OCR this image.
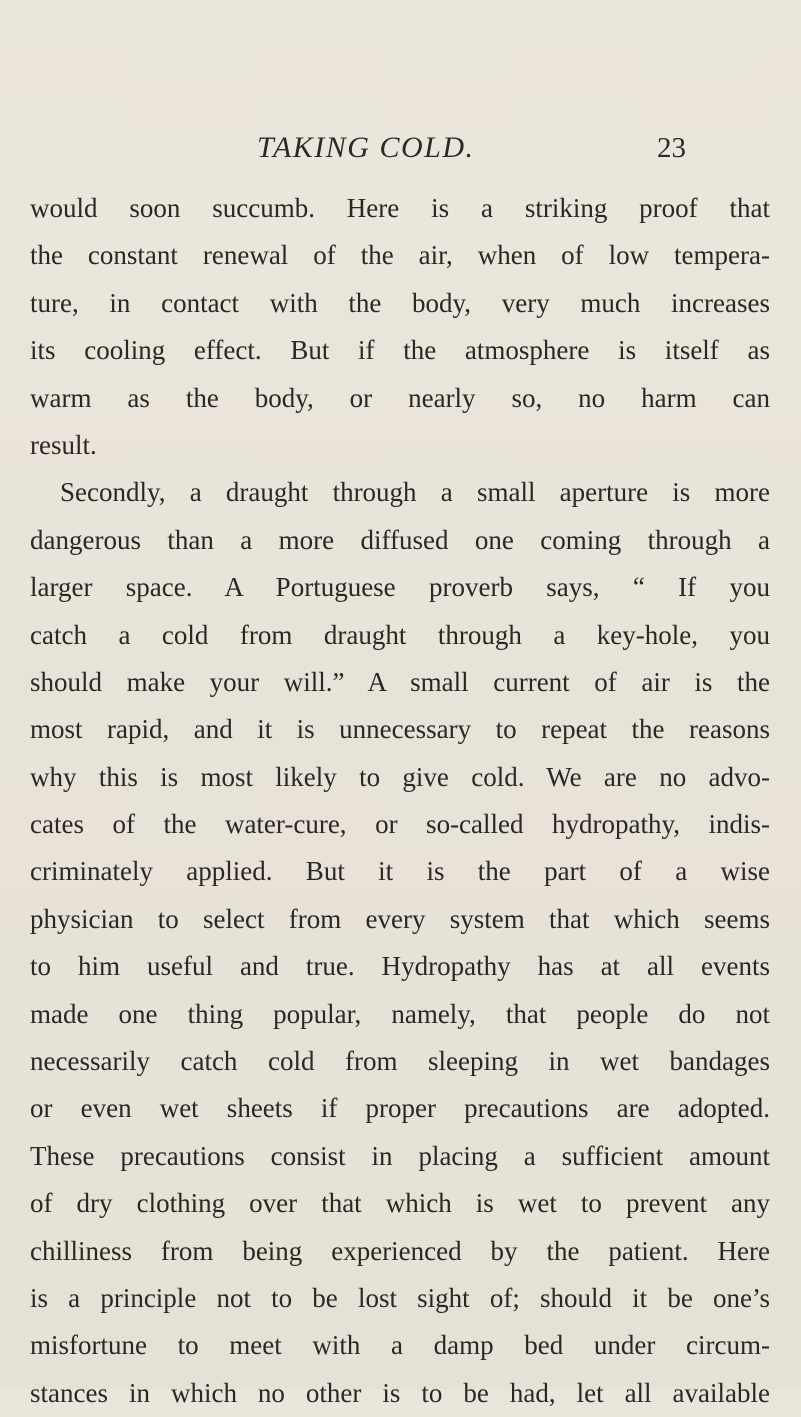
TAKING COLD.	23
would soon succumb. Here is a striking proof that
the constant renewal of the air, when of low tempera-
ture, in contact with the body, very much increases
its cooling effect. But if the atmosphere is itself as
warm as the body, or nearly so, no harm can
result.
Secondly, a draught through a small aperture is more
dangerous than a more diffused one coming through a
larger space. A Portuguese proverb says, “ If you
catch a cold from draught through a key-hole, you
should make your will.” A small current of air is the
most rapid, and it is unnecessary to repeat the reasons
why this is most likely to give cold. We are no advo-
cates of the water-cure, or so-called hydropathy, indis-
criminately applied. But it is the part of a wise
physician to select from every system that which seems
to him useful and true. Hydropathy has at all events
made one thing popular, namely, that people do not
necessarily catch cold from sleeping in wet bandages
or even wet sheets if proper precautions are adopted.
These precautions consist in placing a sufficient amount
of dry clothing over that which is wet to prevent any
chilliness from being experienced by the patient. Here
is a principle not to be lost sight of; should it be one’s
misfortune to meet with a damp bed under circum-
stances in which no other is to be had, let all available
